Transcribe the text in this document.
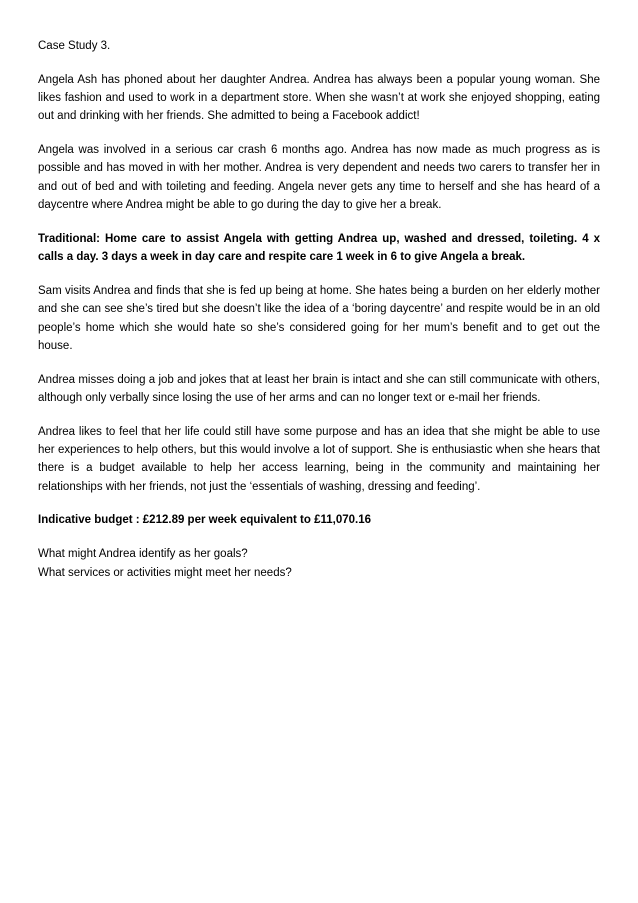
Case Study 3.

Angela Ash has phoned about her daughter Andrea. Andrea has always been a popular young woman. She likes fashion and used to work in a department store. When she wasn’t at work she enjoyed shopping, eating out and drinking with her friends. She admitted to being a Facebook addict!

Angela was involved in a serious car crash 6 months ago. Andrea has now made as much progress as is possible and has moved in with her mother. Andrea is very dependent and needs two carers to transfer her in and out of bed and with toileting and feeding. Angela never gets any time to herself and she has heard of a daycentre where Andrea might be able to go during the day to give her a break.

Traditional: Home care to assist Angela with getting Andrea up, washed and dressed, toileting. 4 x calls a day. 3 days a week in day care and respite care 1 week in 6 to give Angela a break.

Sam visits Andrea and finds that she is fed up being at home. She hates being a burden on her elderly mother and she can see she’s tired but she doesn’t like the idea of a ‘boring daycentre’ and respite would be in an old people’s home which she would hate so she’s considered going for her mum’s benefit and to get out the house.

Andrea misses doing a job and jokes that at least her brain is intact and she can still communicate with others, although only verbally since losing the use of her arms and can no longer text or e-mail her friends.

Andrea likes to feel that her life could still have some purpose and has an idea that she might be able to use her experiences to help others, but this would involve a lot of support. She is enthusiastic when she hears that there is a budget available to help her access learning, being in the community and maintaining her relationships with her friends, not just the ‘essentials of washing, dressing and feeding’.

Indicative budget : £212.89 per week equivalent to £11,070.16

What might Andrea identify as her goals?

What services or activities might meet her needs?
